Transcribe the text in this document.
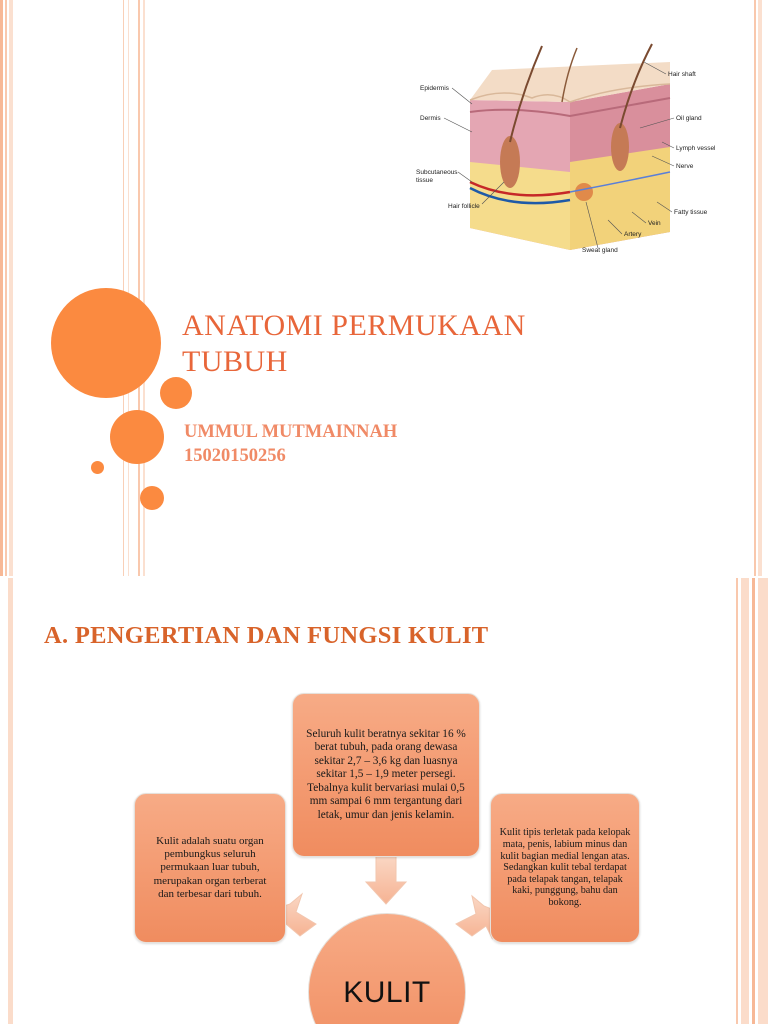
Epidermis
Dermis
Subcutaneous
tissue
Hair follicle
Hair shaft
Oil gland
Lymph vessel
Nerve
Fatty tissue
Vein
Artery
Sweat gland
ANATOMI PERMUKAAN TUBUH
UMMUL MUTMAINNAH
15020150256
A. PENGERTIAN DAN FUNGSI KULIT
Seluruh kulit beratnya sekitar 16 % berat tubuh, pada orang dewasa sekitar 2,7 – 3,6 kg dan luasnya sekitar 1,5 – 1,9 meter persegi. Tebalnya kulit bervariasi mulai 0,5 mm sampai 6 mm tergantung dari letak, umur dan jenis kelamin.
Kulit adalah suatu organ pembungkus seluruh permukaan luar tubuh, merupakan organ terberat dan terbesar dari tubuh.
Kulit tipis terletak pada kelopak mata, penis, labium minus dan kulit bagian medial lengan atas. Sedangkan kulit tebal terdapat pada telapak tangan, telapak kaki, punggung, bahu dan bokong.
KULIT
